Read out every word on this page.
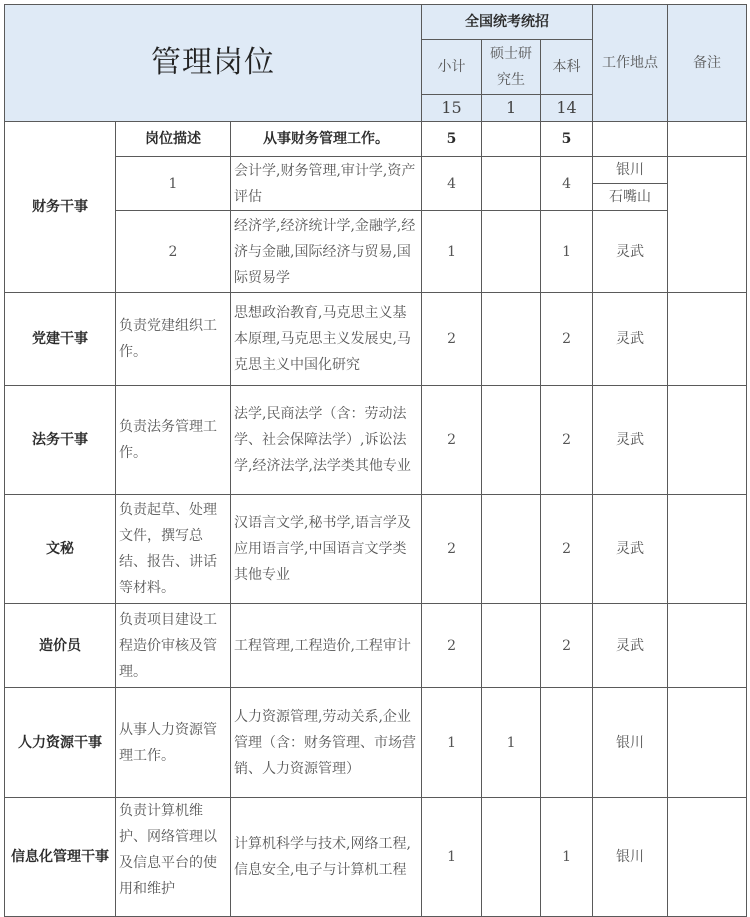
管理岗位			全国统考统招			工作地点	备注
			小计	硕士研究生	本科		
			15	1	14		
财务干事	岗位描述	从事财务管理工作。	5		5		
	1	会计学,财务管理,审计学,资产评估	4		4	银川	
						石嘴山	
	2	经济学,经济统计学,金融学,经济与金融,国际经济与贸易,国际贸易学	1		1	灵武	
党建干事	负责党建组织工作。	思想政治教育,马克思主义基本原理,马克思主义发展史,马克思主义中国化研究	2		2	灵武	
法务干事	负责法务管理工作。	法学,民商法学（含：劳动法学、社会保障法学）,诉讼法学,经济法学,法学类其他专业	2		2	灵武	
文秘	负责起草、处理文件，撰写总结、报告、讲话等材料。	汉语言文学,秘书学,语言学及应用语言学,中国语言文学类其他专业	2		2	灵武	
造价员	负责项目建设工程造价审核及管理。	工程管理,工程造价,工程审计	2		2	灵武	
人力资源干事	从事人力资源管理工作。	人力资源管理,劳动关系,企业管理（含：财务管理、市场营销、人力资源管理）	1	1		银川	
信息化管理干事	负责计算机维护、网络管理以及信息平台的使用和维护	计算机科学与技术,网络工程,信息安全,电子与计算机工程	1		1	银川	
